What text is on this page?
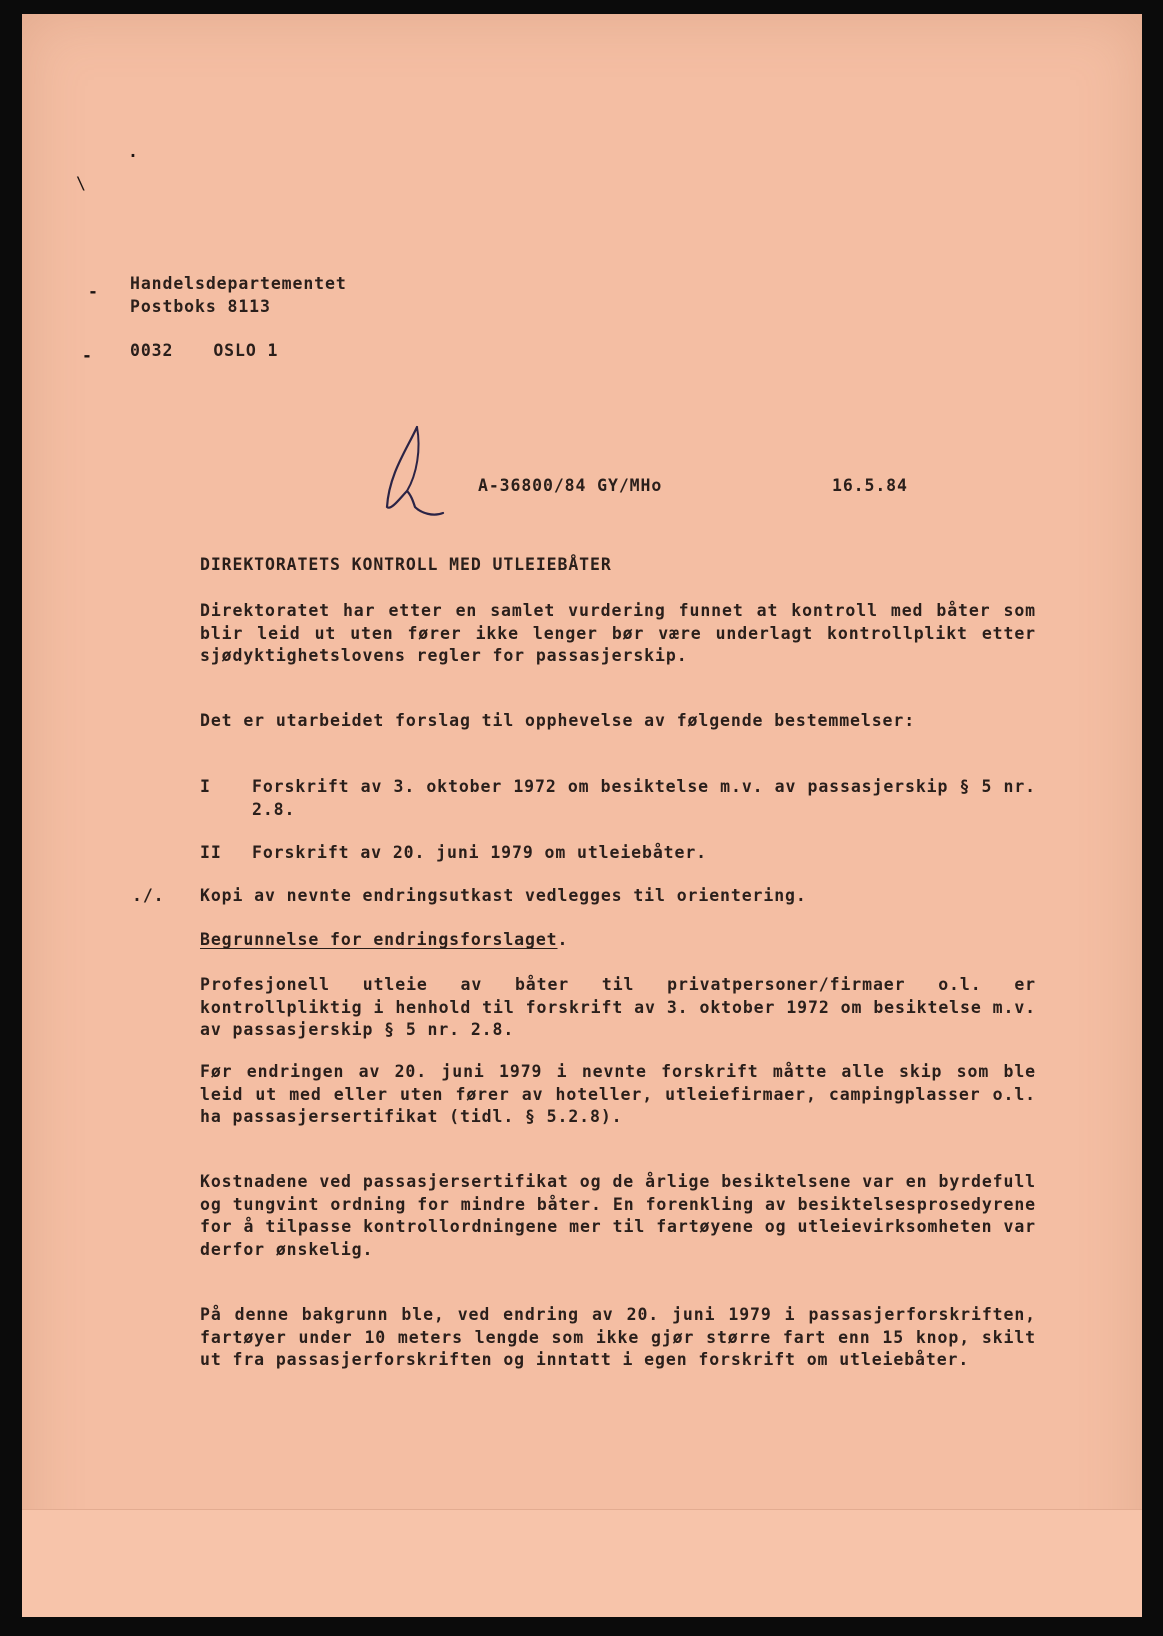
.
\
-
-
Handelsdepartementet
Postboks 8113
0032 OSLO 1
A-36800/84 GY/MHo	16.5.84
DIREKTORATETS KONTROLL MED UTLEIEBÅTER

Direktoratet har etter en samlet vurdering funnet at kontroll med båter som blir leid ut uten fører ikke lenger bør være underlagt kontrollplikt etter sjødyktighetslovens regler for passasjerskip.

Det er utarbeidet forslag til opphevelse av følgende bestemmelser:

I Forskrift av 3. oktober 1972 om besiktelse m.v. av passasjerskip § 5 nr. 2.8.
II Forskrift av 20. juni 1979 om utleiebåter.
./. Kopi av nevnte endringsutkast vedlegges til orientering.
Begrunnelse for endringsforslaget.

Profesjonell utleie av båter til privatpersoner/firmaer o.l. er kontrollpliktig i henhold til forskrift av 3. oktober 1972 om besiktelse m.v. av passasjerskip § 5 nr. 2.8.

Før endringen av 20. juni 1979 i nevnte forskrift måtte alle skip som ble leid ut med eller uten fører av hoteller, utleiefirmaer, campingplasser o.l. ha passasjersertifikat (tidl. § 5.2.8).

Kostnadene ved passasjersertifikat og de årlige besiktelsene var en byrdefull og tungvint ordning for mindre båter. En forenkling av besiktelsesprosedyrene for å tilpasse kontrollordningene mer til fartøyene og utleievirksomheten var derfor ønskelig.

På denne bakgrunn ble, ved endring av 20. juni 1979 i passasjerforskriften, fartøyer under 10 meters lengde som ikke gjør større fart enn 15 knop, skilt ut fra passasjerforskriften og inntatt i egen forskrift om utleiebåter.
